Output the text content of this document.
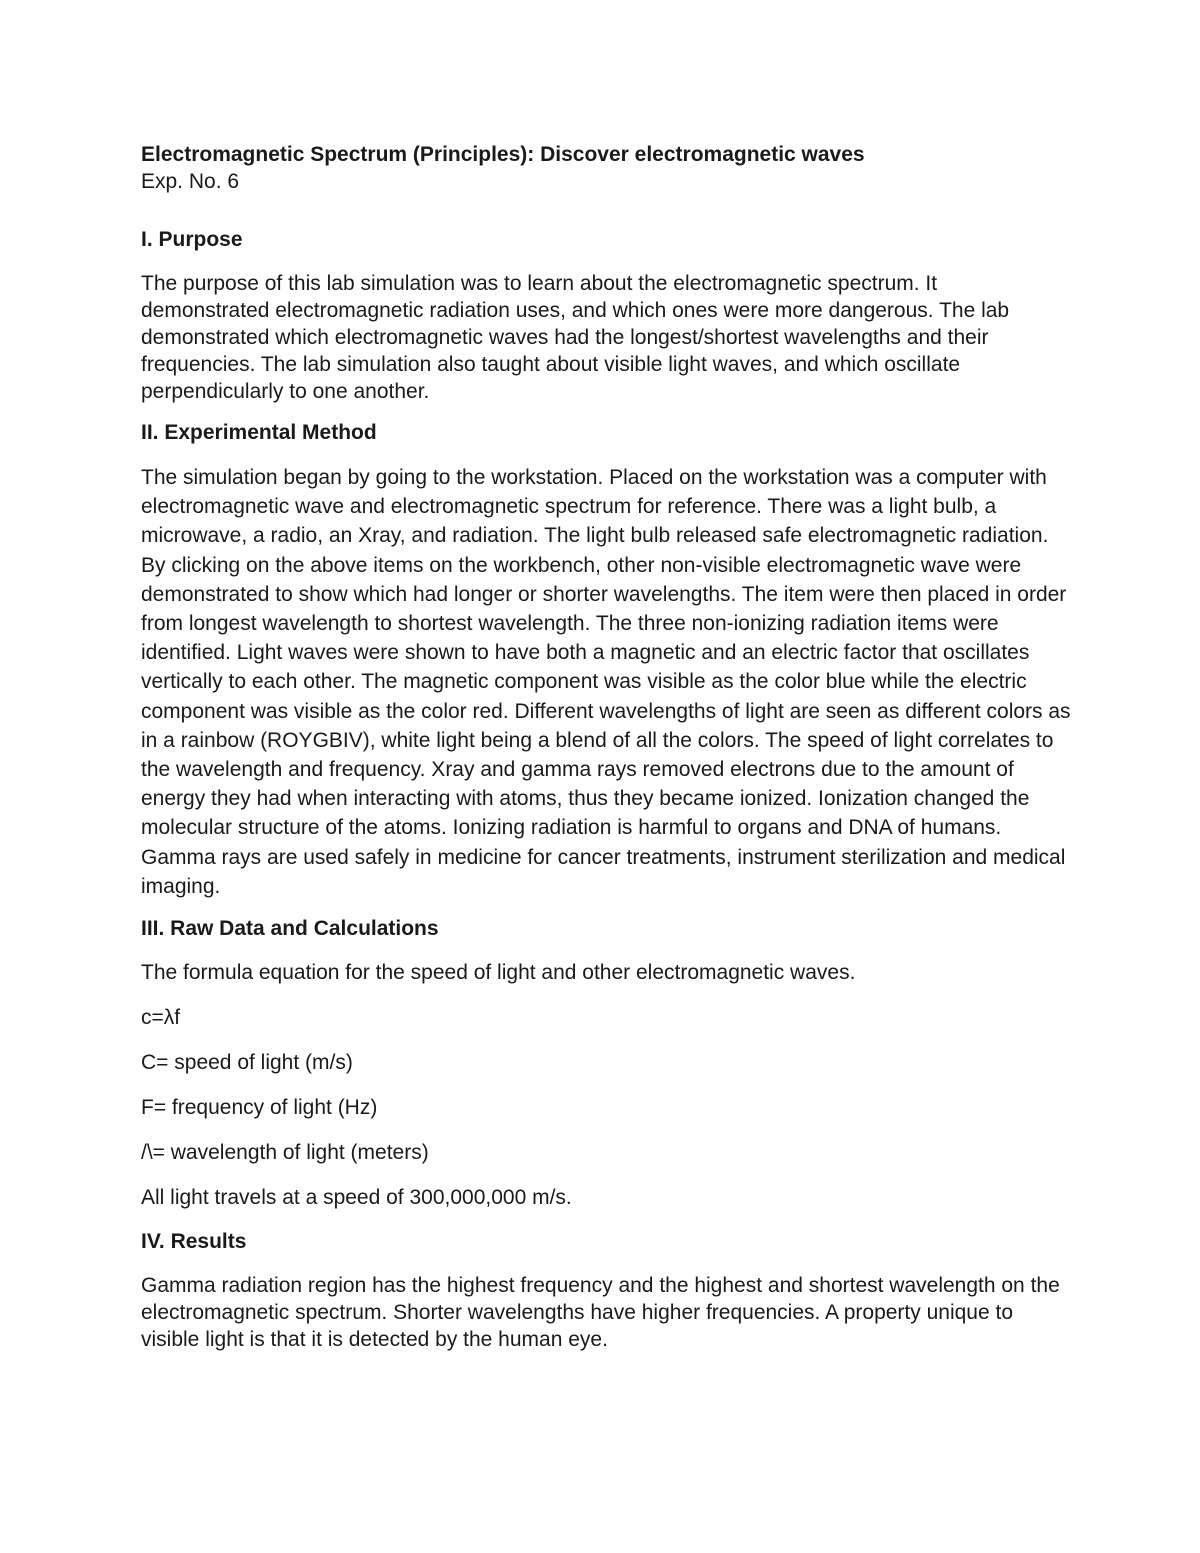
Electromagnetic Spectrum (Principles): Discover electromagnetic waves

Exp. No. 6

I. Purpose

The purpose of this lab simulation was to learn about the electromagnetic spectrum. It demonstrated electromagnetic radiation uses, and which ones were more dangerous. The lab demonstrated which electromagnetic waves had the longest/shortest wavelengths and their frequencies. The lab simulation also taught about visible light waves, and which oscillate perpendicularly to one another.

II. Experimental Method

The simulation began by going to the workstation. Placed on the workstation was a computer with electromagnetic wave and electromagnetic spectrum for reference. There was a light bulb, a microwave, a radio, an Xray, and radiation. The light bulb released safe electromagnetic radiation. By clicking on the above items on the workbench, other non-visible electromagnetic wave were demonstrated to show which had longer or shorter wavelengths. The item were then placed in order from longest wavelength to shortest wavelength. The three non-ionizing radiation items were identified. Light waves were shown to have both a magnetic and an electric factor that oscillates vertically to each other. The magnetic component was visible as the color blue while the electric component was visible as the color red. Different wavelengths of light are seen as different colors as in a rainbow (ROYGBIV), white light being a blend of all the colors. The speed of light correlates to the wavelength and frequency. Xray and gamma rays removed electrons due to the amount of energy they had when interacting with atoms, thus they became ionized. Ionization changed the molecular structure of the atoms. Ionizing radiation is harmful to organs and DNA of humans. Gamma rays are used safely in medicine for cancer treatments, instrument sterilization and medical imaging.

III. Raw Data and Calculations

The formula equation for the speed of light and other electromagnetic waves.

c=λf

C= speed of light (m/s)

F= frequency of light (Hz)

/\= wavelength of light (meters)

All light travels at a speed of 300,000,000 m/s.

IV. Results

Gamma radiation region has the highest frequency and the highest and shortest wavelength on the electromagnetic spectrum. Shorter wavelengths have higher frequencies. A property unique to visible light is that it is detected by the human eye.
